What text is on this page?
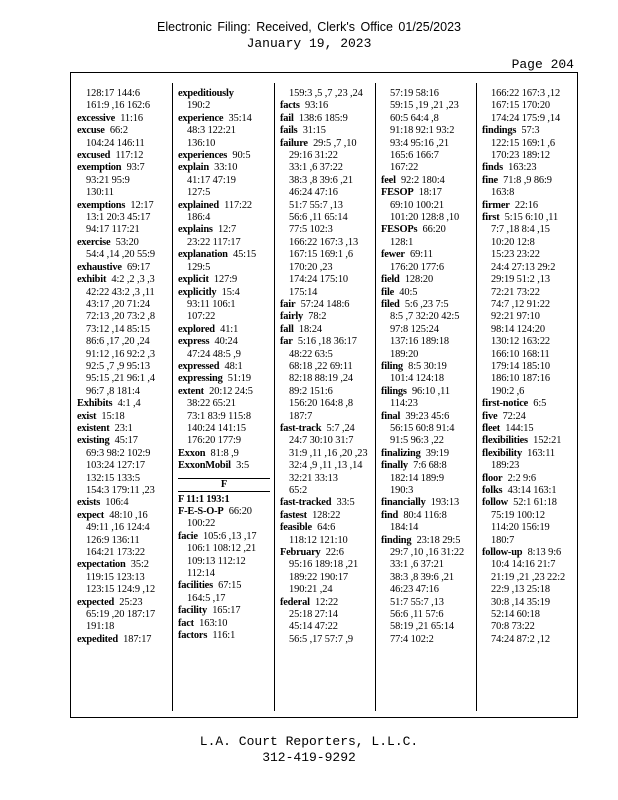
Electronic Filing: Received, Clerk's Office 01/25/2023
January 19, 2023
Page 204
128:17 144:6
161:9 ,16 162:6
excessive 11:16
excuse 66:2
104:24 146:11
excused 117:12
exemption 93:7
93:21 95:9
130:11
exemptions 12:17
13:1 20:3 45:17
94:17 117:21
exercise 53:20
54:4 ,14 ,20 55:9
exhaustive 69:17
exhibit 4:2 ,2 ,3 ,3
42:22 43:2 ,3 ,11
43:17 ,20 71:24
72:13 ,20 73:2 ,8
73:12 ,14 85:15
86:6 ,17 ,20 ,24
91:12 ,16 92:2 ,3
92:5 ,7 ,9 95:13
95:15 ,21 96:1 ,4
96:7 ,8 181:4
Exhibits 4:1 ,4
exist 15:18
existent 23:1
existing 45:17
69:3 98:2 102:9
103:24 127:17
132:15 133:5
154:3 179:11 ,23
exists 106:4
expect 48:10 ,16
49:11 ,16 124:4
126:9 136:11
164:21 173:22
expectation 35:2
119:15 123:13
123:15 124:9 ,12
expected 25:23
65:19 ,20 187:17
191:18
expedited 187:17
expeditiously
190:2
experience 35:14
48:3 122:21
136:10
experiences 90:5
explain 33:10
41:17 47:19
127:5
explained 117:22
186:4
explains 12:7
23:22 117:17
explanation 45:15
129:5
explicit 127:9
explicitly 15:4
93:11 106:1
107:22
explored 41:1
express 40:24
47:24 48:5 ,9
expressed 48:1
expressing 51:19
extent 20:12 24:5
38:22 65:21
73:1 83:9 115:8
140:24 141:15
176:20 177:9
Exxon 81:8 ,9
ExxonMobil 3:5
F
F 11:1 193:1
F-E-S-O-P 66:20
100:22
facie 105:6 ,13 ,17
106:1 108:12 ,21
109:13 112:12
112:14
facilities 67:15
164:5 ,17
facility 165:17
fact 163:10
factors 116:1
159:3 ,5 ,7 ,23 ,24
facts 93:16
fail 138:6 185:9
fails 31:15
failure 29:5 ,7 ,10
29:16 31:22
33:1 ,6 37:22
38:3 ,8 39:6 ,21
46:24 47:16
51:7 55:7 ,13
56:6 ,11 65:14
77:5 102:3
166:22 167:3 ,13
167:15 169:1 ,6
170:20 ,23
174:24 175:10
175:14
fair 57:24 148:6
fairly 78:2
fall 18:24
far 5:16 ,18 36:17
48:22 63:5
68:18 ,22 69:11
82:18 88:19 ,24
89:2 151:6
156:20 164:8 ,8
187:7
fast-track 5:7 ,24
24:7 30:10 31:7
31:9 ,11 ,16 ,20 ,23
32:4 ,9 ,11 ,13 ,14
32:21 33:13
65:2
fast-tracked 33:5
fastest 128:22
feasible 64:6
118:12 121:10
February 22:6
95:16 189:18 ,21
189:22 190:17
190:21 ,24
federal 12:22
25:18 27:14
45:14 47:22
56:5 ,17 57:7 ,9
57:19 58:16
59:15 ,19 ,21 ,23
60:5 64:4 ,8
91:18 92:1 93:2
93:4 95:16 ,21
165:6 166:7
167:22
feel 92:2 180:4
FESOP 18:17
69:10 100:21
101:20 128:8 ,10
FESOPs 66:20
128:1
fewer 69:11
176:20 177:6
field 128:20
file 40:5
filed 5:6 ,23 7:5
8:5 ,7 32:20 42:5
97:8 125:24
137:16 189:18
189:20
filing 8:5 30:19
101:4 124:18
filings 96:10 ,11
114:23
final 39:23 45:6
56:15 60:8 91:4
91:5 96:3 ,22
finalizing 39:19
finally 7:6 68:8
182:14 189:9
190:3
financially 193:13
find 80:4 116:8
184:14
finding 23:18 29:5
29:7 ,10 ,16 31:22
33:1 ,6 37:21
38:3 ,8 39:6 ,21
46:23 47:16
51:7 55:7 ,13
56:6 ,11 57:6
58:19 ,21 65:14
77:4 102:2
166:22 167:3 ,12
167:15 170:20
174:24 175:9 ,14
findings 57:3
122:15 169:1 ,6
170:23 189:12
finds 163:23
fine 71:8 ,9 86:9
163:8
firmer 22:16
first 5:15 6:10 ,11
7:7 ,18 8:4 ,15
10:20 12:8
15:23 23:22
24:4 27:13 29:2
29:19 51:2 ,13
72:21 73:22
74:7 ,12 91:22
92:21 97:10
98:14 124:20
130:12 163:22
166:10 168:11
179:14 185:10
186:10 187:16
190:2 ,6
first-notice 6:5
five 72:24
fleet 144:15
flexibilities 152:21
flexibility 163:11
189:23
floor 2:2 9:6
folks 43:14 163:1
follow 52:1 61:18
75:19 100:12
114:20 156:19
180:7
follow-up 8:13 9:6
10:4 14:16 21:7
21:19 ,21 ,23 22:2
22:9 ,13 25:18
30:8 ,14 35:19
52:14 60:18
70:8 73:22
74:24 87:2 ,12
L.A. Court Reporters, L.L.C.
312-419-9292
